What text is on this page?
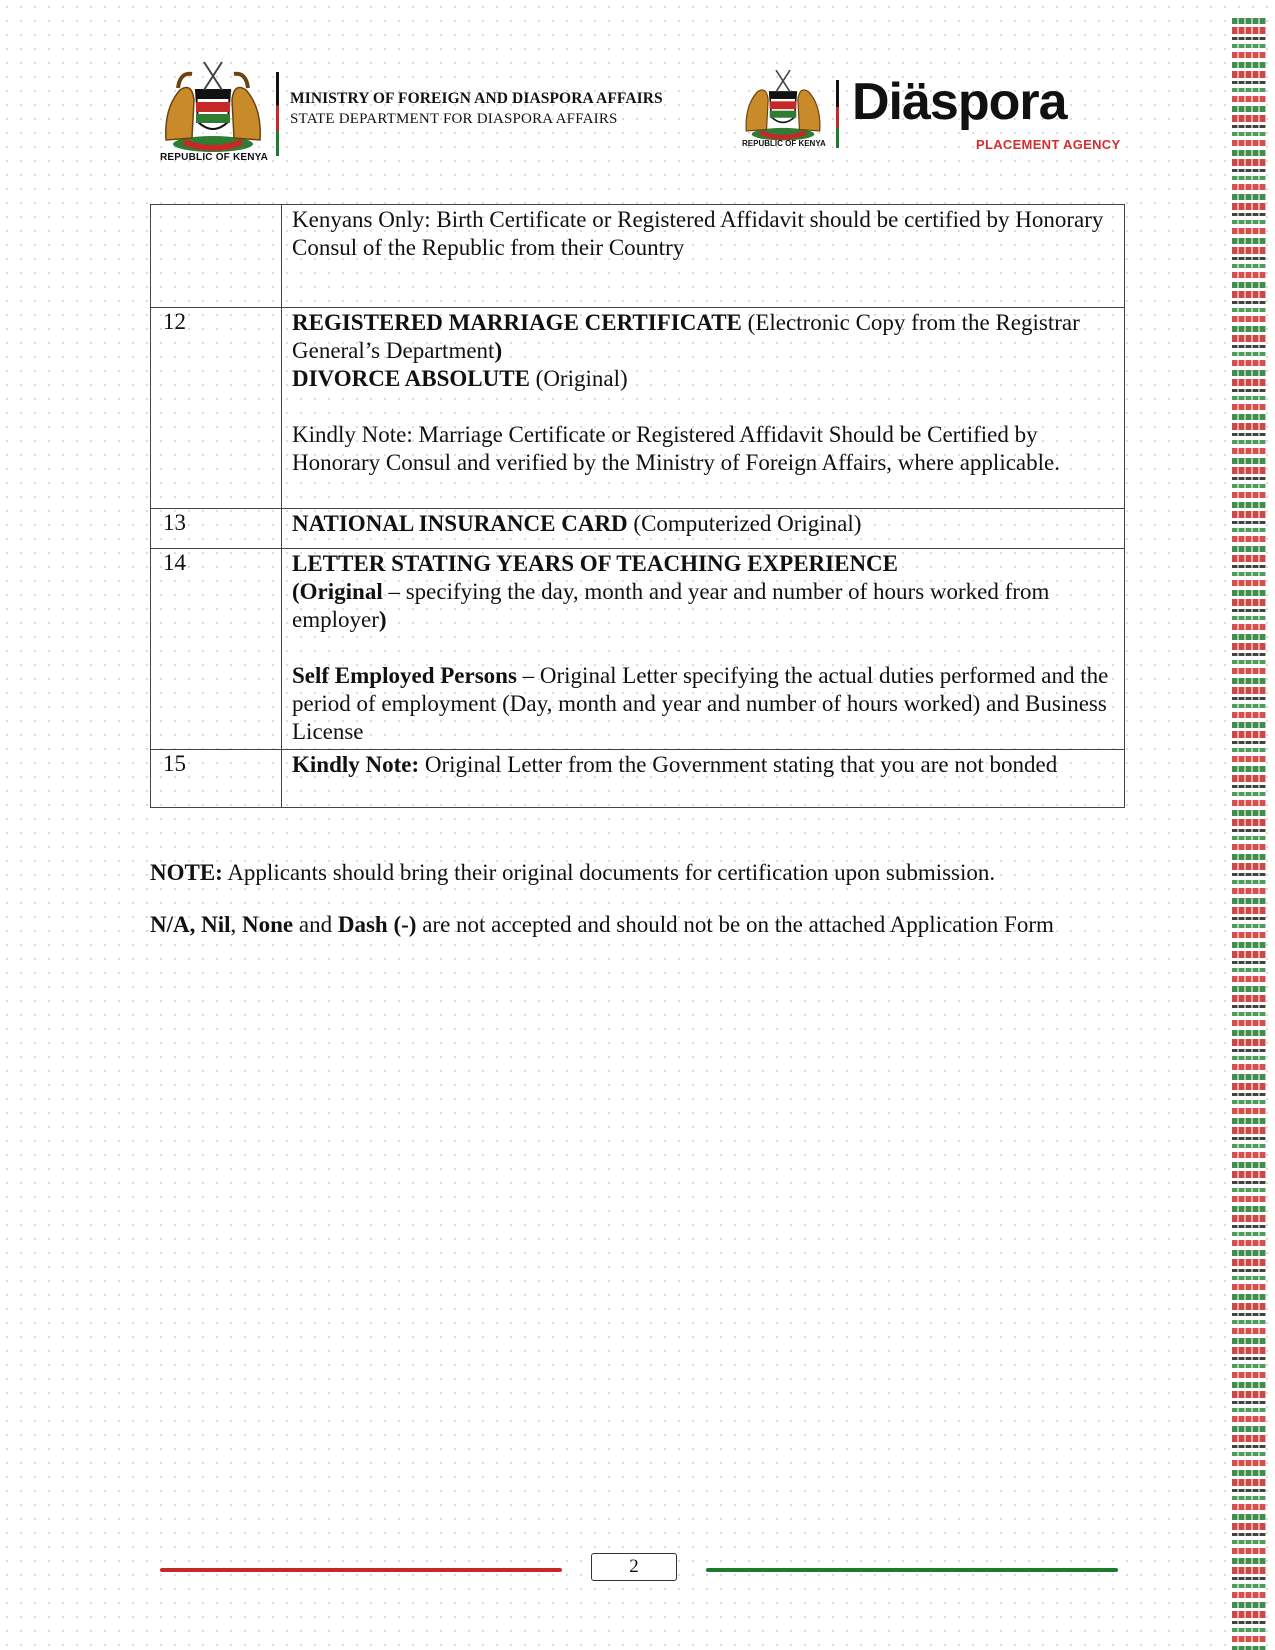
REPUBLIC OF KENYA
MINISTRY OF FOREIGN AND DIASPORA AFFAIRS
STATE DEPARTMENT FOR DIASPORA AFFAIRS
REPUBLIC OF KENYA
Diäspora
PLACEMENT AGENCY
	Kenyans Only: Birth Certificate or Registered Affidavit should be certified by Honorary Consul of the Republic from their Country
12	REGISTERED MARRIAGE CERTIFICATE (Electronic Copy from the Registrar General’s Department)
DIVORCE ABSOLUTE (Original)
Kindly Note: Marriage Certificate or Registered Affidavit Should be Certified by Honorary Consul and verified by the Ministry of Foreign Affairs, where applicable.
13	NATIONAL INSURANCE CARD (Computerized Original)
14	LETTER STATING YEARS OF TEACHING EXPERIENCE
(Original – specifying the day, month and year and number of hours worked from employer)
Self Employed Persons – Original Letter specifying the actual duties performed and the period of employment (Day, month and year and number of hours worked) and Business License
15	Kindly Note: Original Letter from the Government stating that you are not bonded
NOTE: Applicants should bring their original documents for certification upon submission.
N/A, Nil, None and Dash (-) are not accepted and should not be on the attached Application Form
2
